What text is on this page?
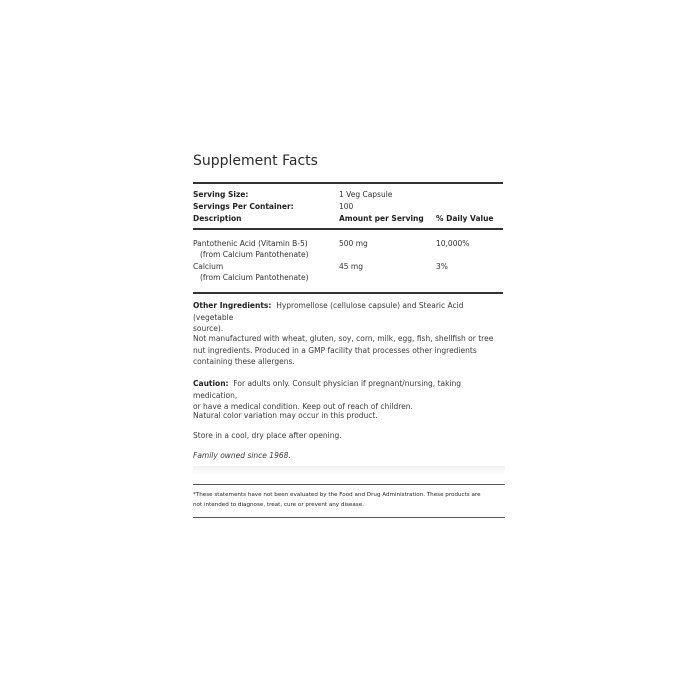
Supplement Facts
Serving Size:	1 Veg Capsule
Servings Per Container:	100
Description	Amount per Serving % Daily Value
Pantothenic Acid (Vitamin B-5)	500 mg	10,000%
(from Calcium Pantothenate)
Calcium	45 mg	3%
(from Calcium Pantothenate)
Other Ingredients: Hypromellose (cellulose capsule) and Stearic Acid (vegetable
source).
Not manufactured with wheat, gluten, soy, corn, milk, egg, fish, shellfish or tree
nut ingredients. Produced in a GMP facility that processes other ingredients
containing these allergens.
Caution: For adults only. Consult physician if pregnant/nursing, taking medication,
or have a medical condition. Keep out of reach of children.
Natural color variation may occur in this product.
Store in a cool, dry place after opening.
Family owned since 1968.
*These statements have not been evaluated by the Food and Drug Administration. These products are
not intended to diagnose, treat, cure or prevent any disease.
